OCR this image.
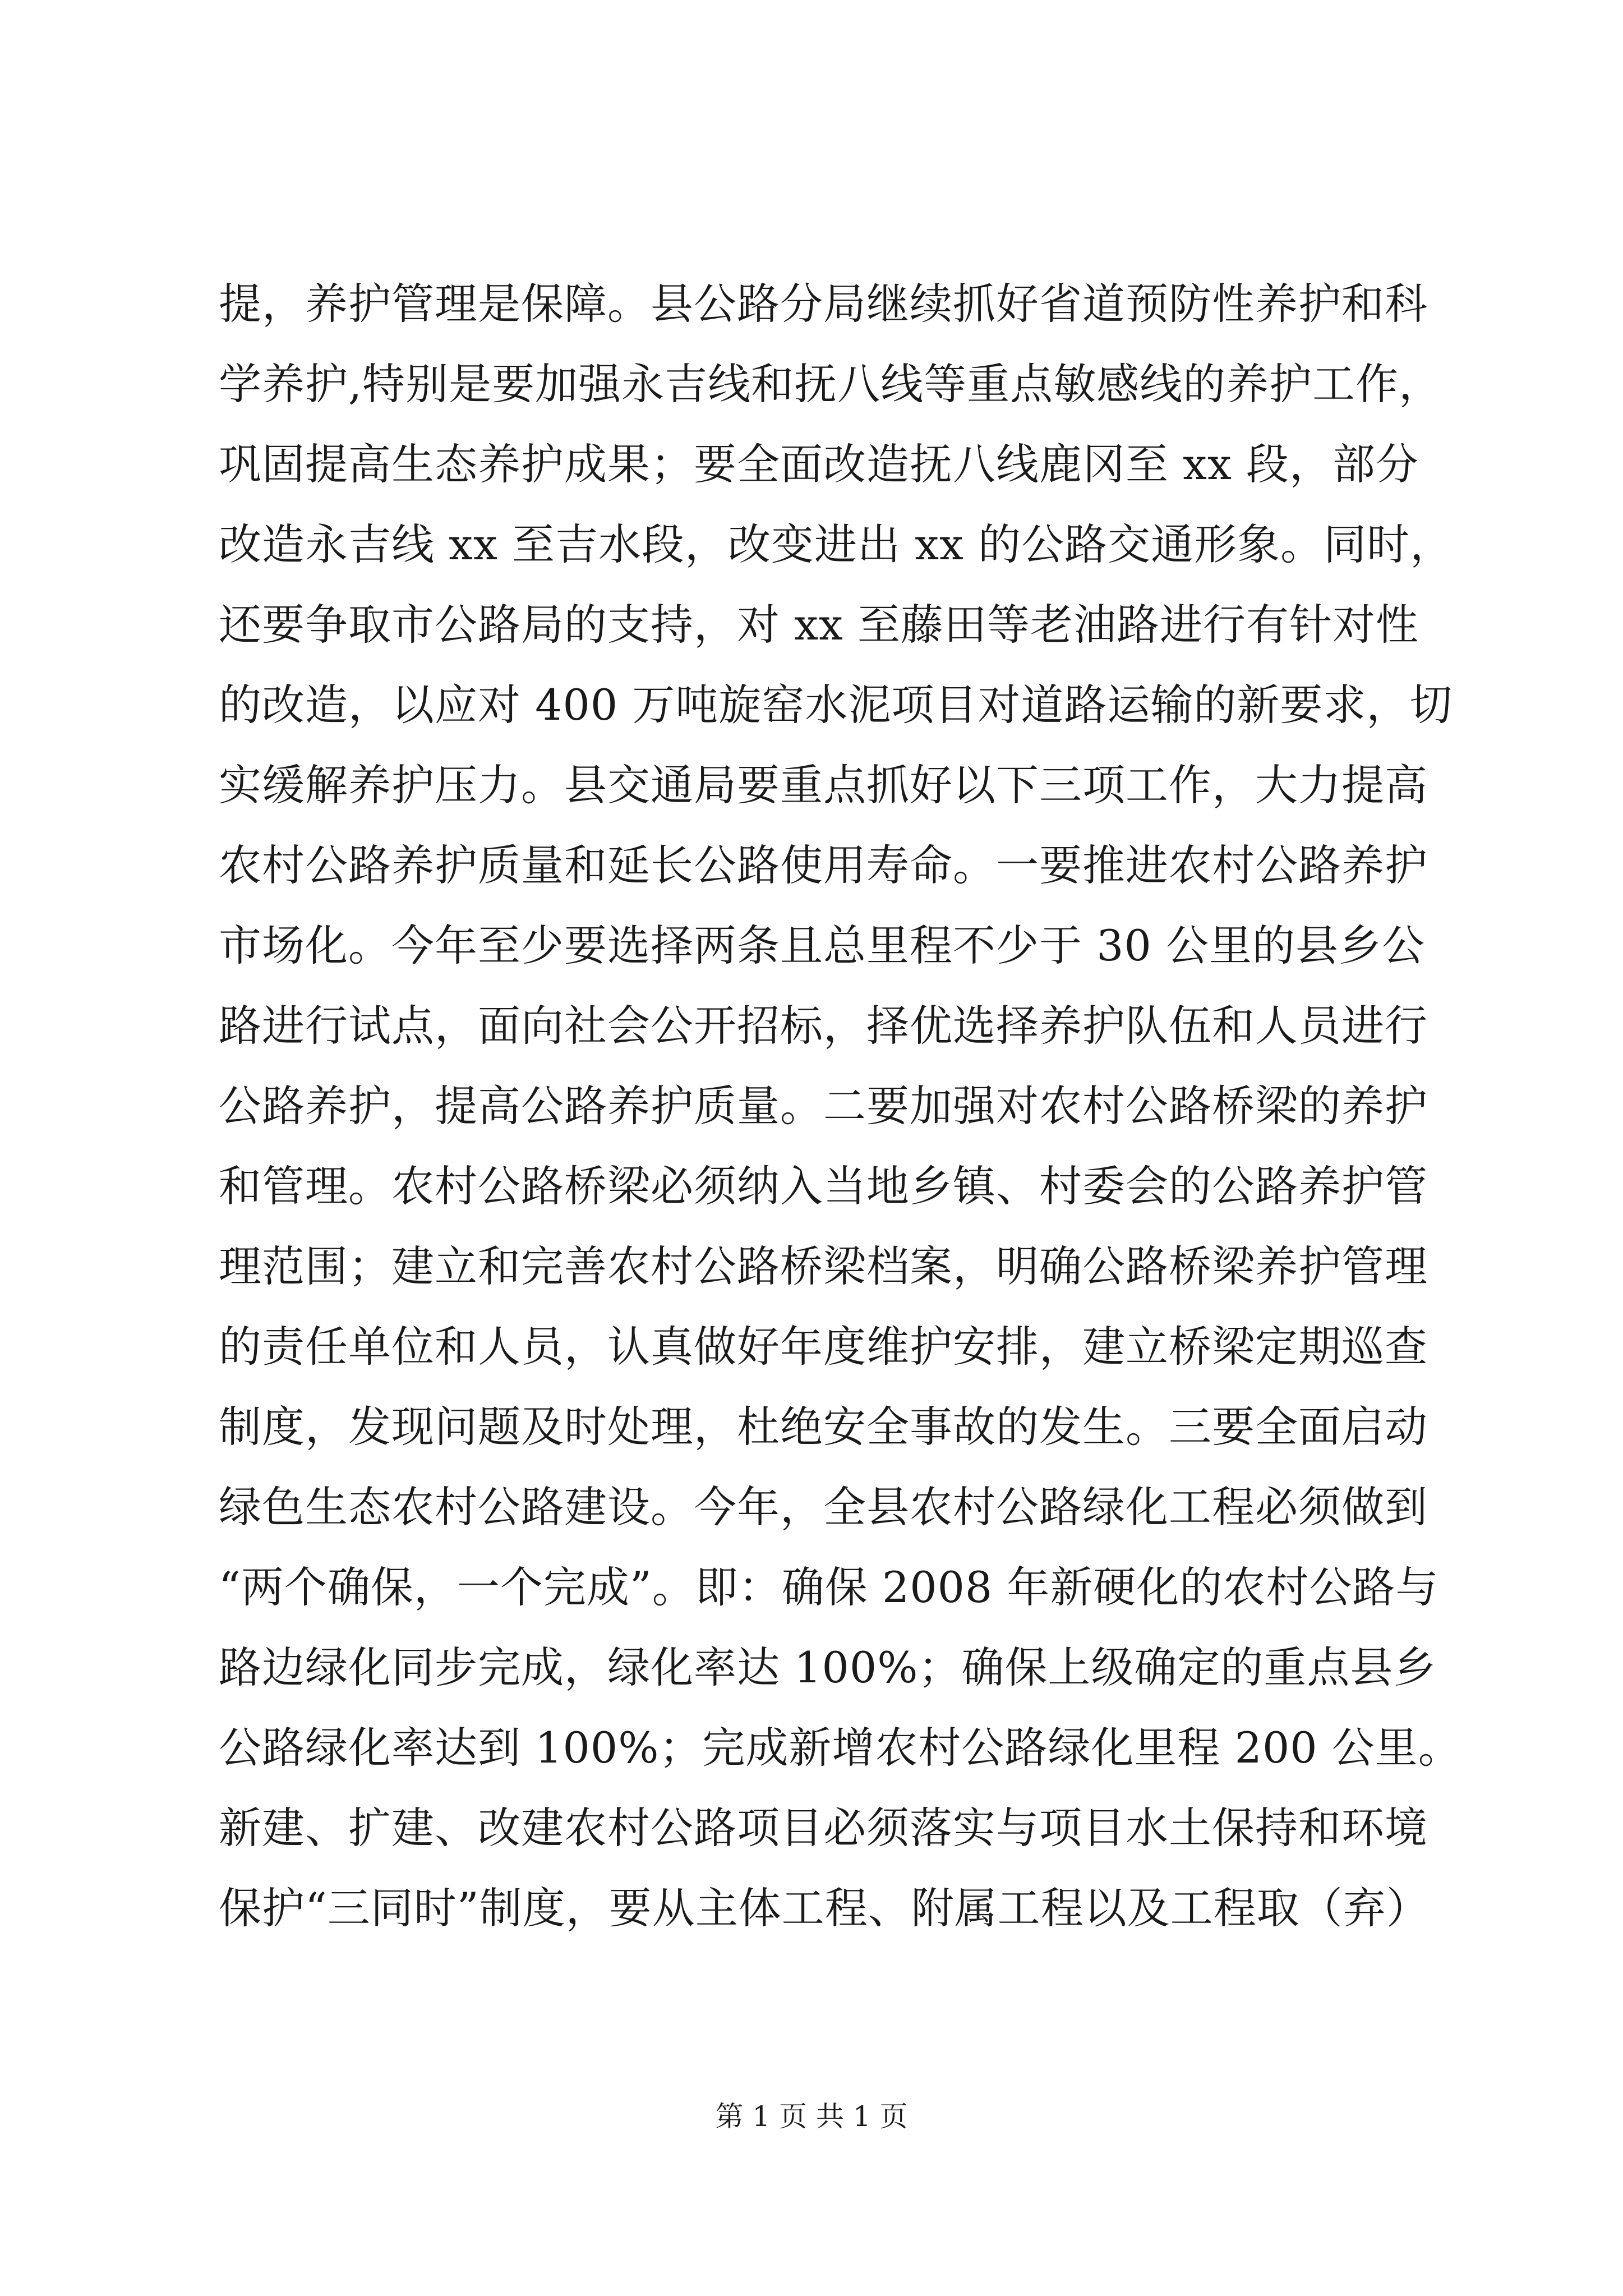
提，养护管理是保障。县公路分局继续抓好省道预防性养护和科
学养护,特别是要加强永吉线和抚八线等重点敏感线的养护工作，
巩固提高生态养护成果；要全面改造抚八线鹿冈至 xx 段，部分
改造永吉线 xx 至吉水段，改变进出 xx 的公路交通形象。同时，
还要争取市公路局的支持，对 xx 至藤田等老油路进行有针对性
的改造，以应对 400 万吨旋窑水泥项目对道路运输的新要求，切
实缓解养护压力。县交通局要重点抓好以下三项工作，大力提高
农村公路养护质量和延长公路使用寿命。一要推进农村公路养护
市场化。今年至少要选择两条且总里程不少于 30 公里的县乡公
路进行试点，面向社会公开招标，择优选择养护队伍和人员进行
公路养护，提高公路养护质量。二要加强对农村公路桥梁的养护
和管理。农村公路桥梁必须纳入当地乡镇、村委会的公路养护管
理范围；建立和完善农村公路桥梁档案，明确公路桥梁养护管理
的责任单位和人员，认真做好年度维护安排，建立桥梁定期巡查
制度，发现问题及时处理，杜绝安全事故的发生。三要全面启动
绿色生态农村公路建设。今年，全县农村公路绿化工程必须做到
“两个确保，一个完成”。即：确保 2008 年新硬化的农村公路与
路边绿化同步完成，绿化率达 100%；确保上级确定的重点县乡
公路绿化率达到 100%；完成新增农村公路绿化里程 200 公里。
新建、扩建、改建农村公路项目必须落实与项目水土保持和环境
保护“三同时”制度，要从主体工程、附属工程以及工程取（弃）
第 1 页 共 1 页
